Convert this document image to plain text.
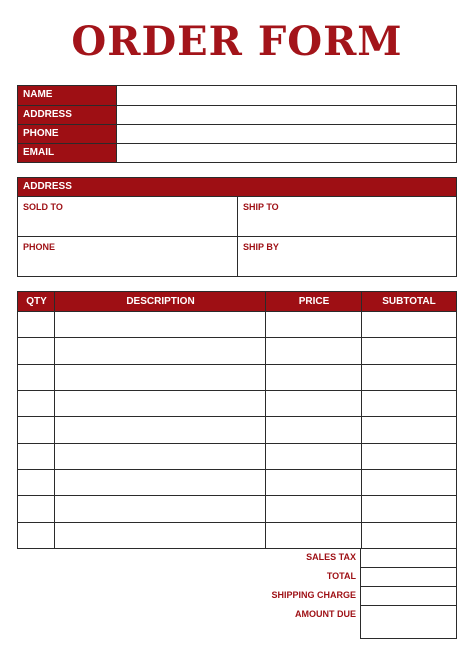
ORDER FORM
NAME
ADDRESS
PHONE
EMAIL
ADDRESS
SOLD TO	SHIP TO
PHONE	SHIP BY
QTY	DESCRIPTION	PRICE	SUBTOTAL
SALES TAX
TOTAL
SHIPPING CHARGE
AMOUNT DUE
